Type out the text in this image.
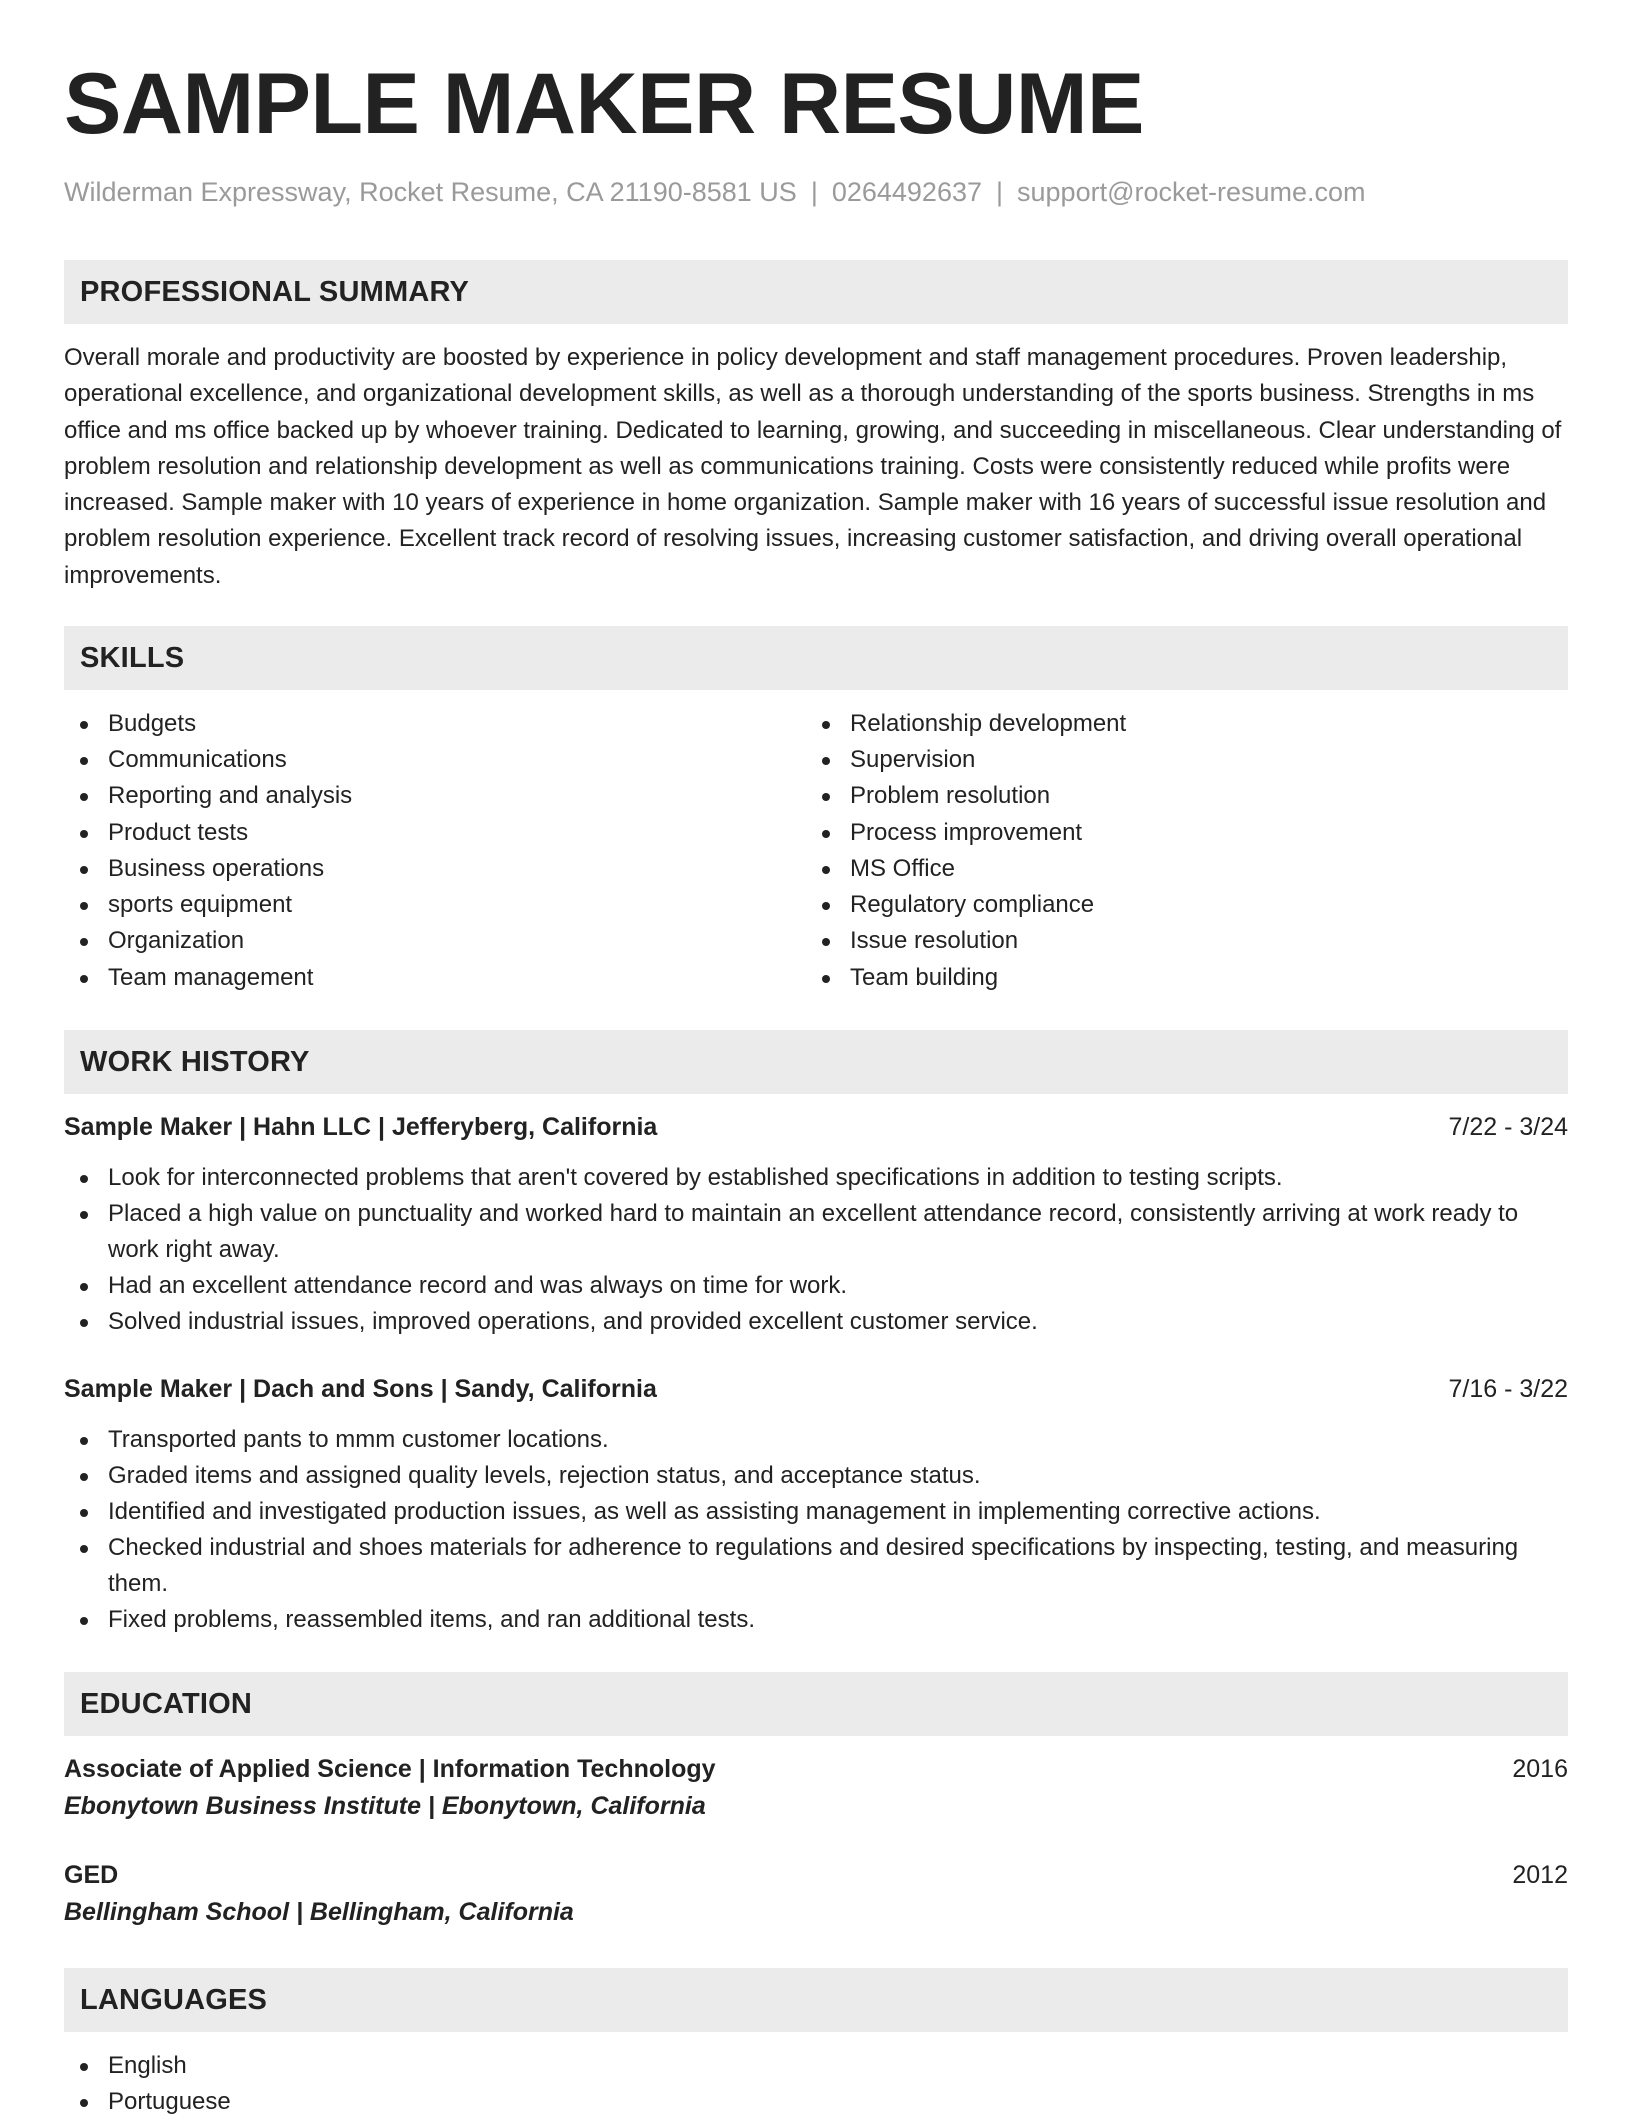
SAMPLE MAKER RESUME
Wilderman Expressway, Rocket Resume, CA 21190-8581 US | 0264492637 | support@rocket-resume.com
PROFESSIONAL SUMMARY
Overall morale and productivity are boosted by experience in policy development and staff management procedures. Proven leadership, operational excellence, and organizational development skills, as well as a thorough understanding of the sports business. Strengths in ms office and ms office backed up by whoever training. Dedicated to learning, growing, and succeeding in miscellaneous. Clear understanding of problem resolution and relationship development as well as communications training. Costs were consistently reduced while profits were increased. Sample maker with 10 years of experience in home organization. Sample maker with 16 years of successful issue resolution and problem resolution experience. Excellent track record of resolving issues, increasing customer satisfaction, and driving overall operational improvements.
SKILLS
Budgets
Communications
Reporting and analysis
Product tests
Business operations
sports equipment
Organization
Team management
Relationship development
Supervision
Problem resolution
Process improvement
MS Office
Regulatory compliance
Issue resolution
Team building
WORK HISTORY
Sample Maker | Hahn LLC | Jefferyberg, California	7/22 - 3/24
Look for interconnected problems that aren't covered by established specifications in addition to testing scripts.
Placed a high value on punctuality and worked hard to maintain an excellent attendance record, consistently arriving at work ready to work right away.
Had an excellent attendance record and was always on time for work.
Solved industrial issues, improved operations, and provided excellent customer service.
Sample Maker | Dach and Sons | Sandy, California	7/16 - 3/22
Transported pants to mmm customer locations.
Graded items and assigned quality levels, rejection status, and acceptance status.
Identified and investigated production issues, as well as assisting management in implementing corrective actions.
Checked industrial and shoes materials for adherence to regulations and desired specifications by inspecting, testing, and measuring them.
Fixed problems, reassembled items, and ran additional tests.
EDUCATION
Associate of Applied Science | Information Technology	2016
Ebonytown Business Institute | Ebonytown, California
GED	2012
Bellingham School | Bellingham, California
LANGUAGES
English
Portuguese
